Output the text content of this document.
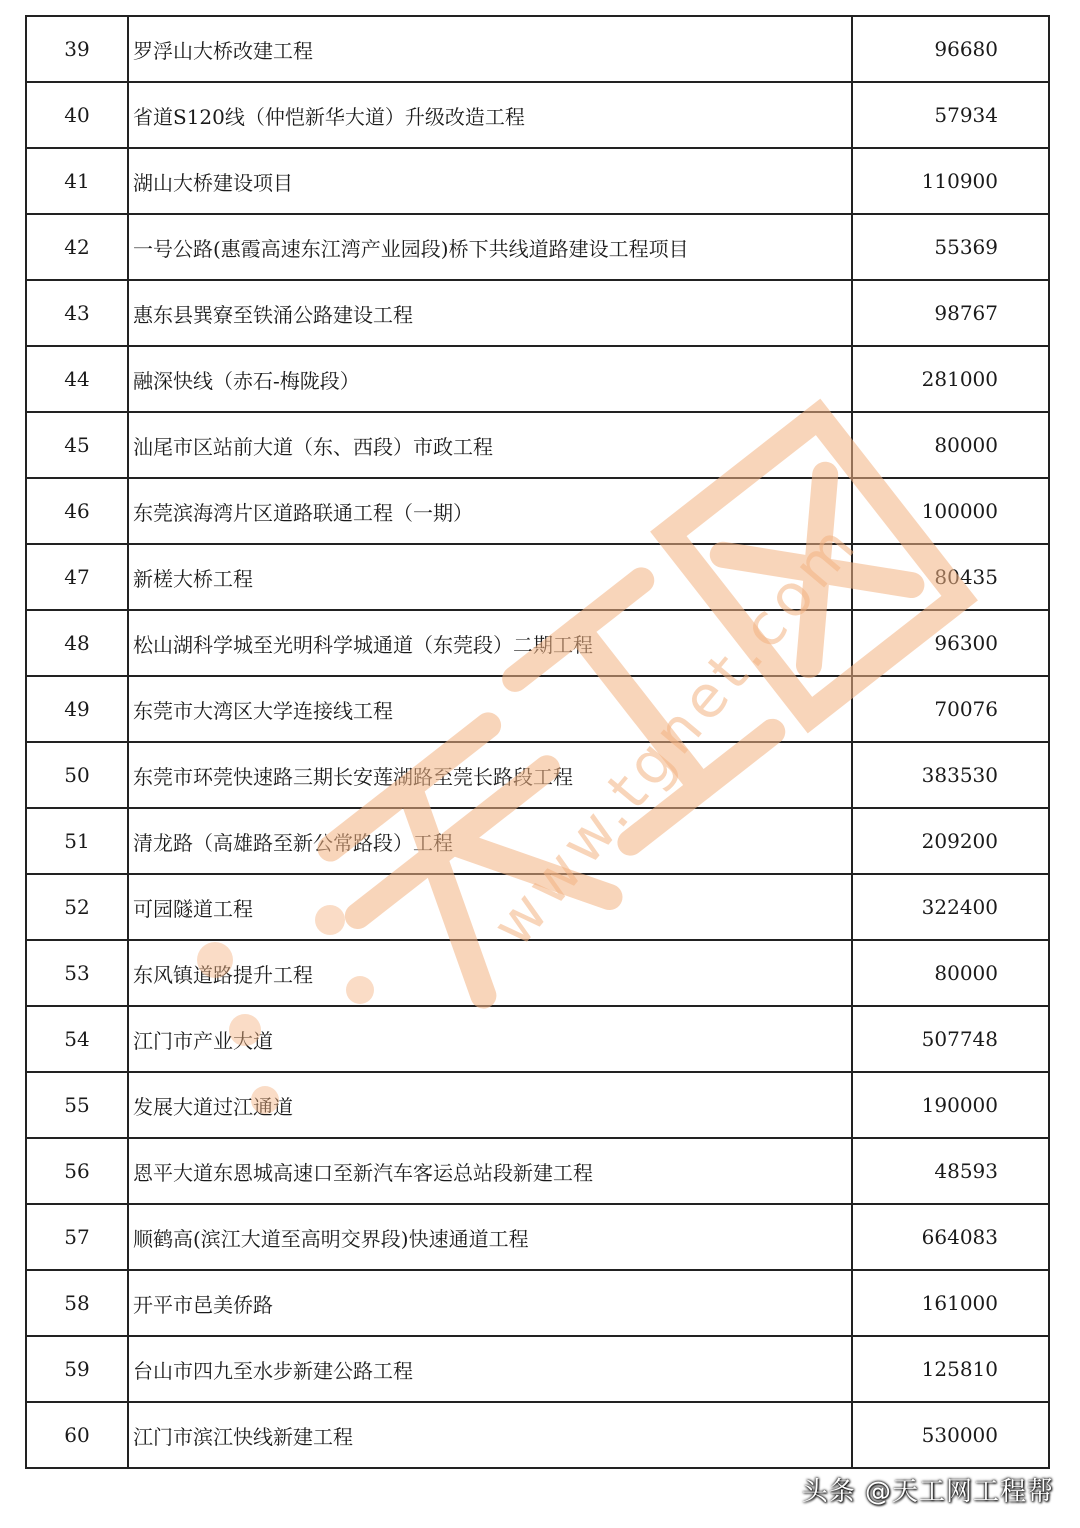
39	罗浮山大桥改建工程	96680
40	省道S120线（仲恺新华大道）升级改造工程	57934
41	湖山大桥建设项目	110900
42	一号公路(惠霞高速东江湾产业园段)桥下共线道路建设工程项目	55369
43	惠东县巽寮至铁涌公路建设工程	98767
44	融深快线（赤石-梅陇段）	281000
45	汕尾市区站前大道（东、西段）市政工程	80000
46	东莞滨海湾片区道路联通工程（一期）	100000
47	新槎大桥工程	80435
48	松山湖科学城至光明科学城通道（东莞段）二期工程	96300
49	东莞市大湾区大学连接线工程	70076
50	东莞市环莞快速路三期长安莲湖路至莞长路段工程	383530
51	清龙路（高雄路至新公常路段）工程	209200
52	可园隧道工程	322400
53	东风镇道路提升工程	80000
54	江门市产业大道	507748
55	发展大道过江通道	190000
56	恩平大道东恩城高速口至新汽车客运总站段新建工程	48593
57	顺鹤高(滨江大道至高明交界段)快速通道工程	664083
58	开平市邑美侨路	161000
59	台山市四九至水步新建公路工程	125810
60	江门市滨江快线新建工程	530000
www.tgnet.com
头条 @天工网工程帮
